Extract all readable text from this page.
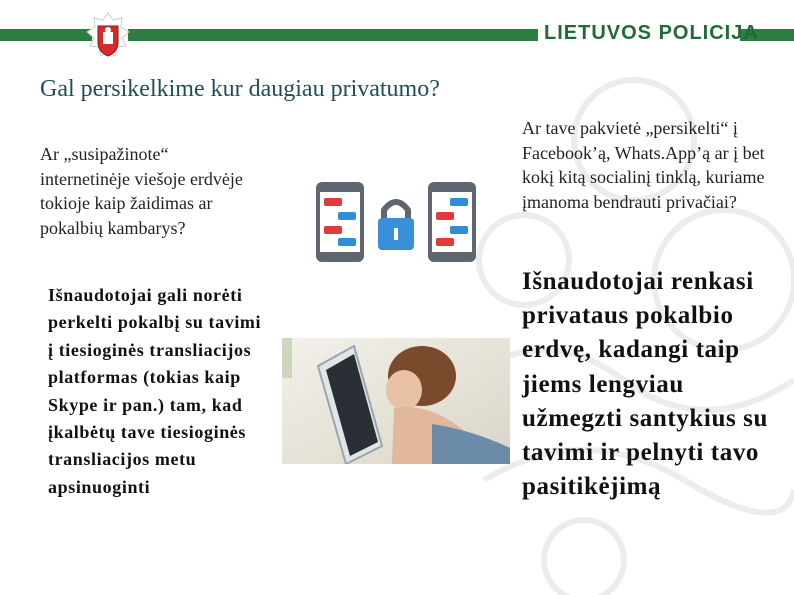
LIETUVOS POLICIJA
Gal persikelkime kur daugiau privatumo?
Ar „susipažinote“ internetinėje viešoje erdvėje tokioje kaip žaidimas ar pokalbių kambarys?
Išnaudotojai gali norėti perkelti pokalbį su tavimi į tiesioginės transliacijos platformas (tokias kaip Skype ir pan.) tam, kad įkalbėtų tave tiesioginės transliacijos metu apsinuoginti
Ar tave pakvietė „persikelti“ į Facebook’ą, Whats.App’ą ar į bet kokį kitą socialinį tinklą, kuriame įmanoma bendrauti privačiai?
Išnaudotojai renkasi privataus pokalbio erdvę, kadangi taip jiems lengviau užmegzti santykius su tavimi ir pelnyti tavo pasitikėjimą
